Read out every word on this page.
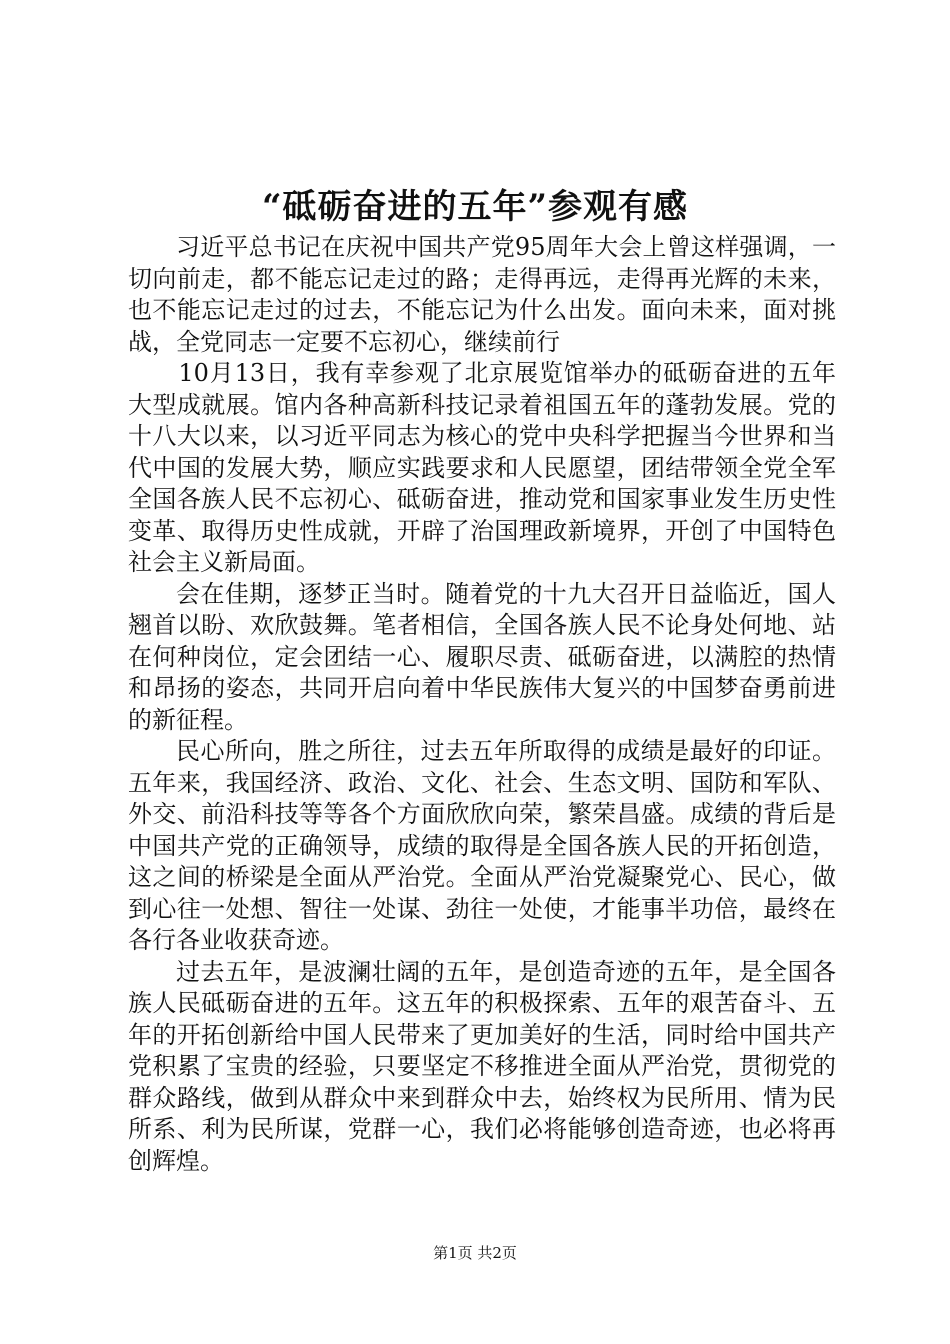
“砥砺奋进的五年”参观有感

习近平总书记在庆祝中国共产党95周年大会上曾这样强调，一切向前走，都不能忘记走过的路；走得再远，走得再光辉的未来，也不能忘记走过的过去，不能忘记为什么出发。面向未来，面对挑战，全党同志一定要不忘初心，继续前行

10月13日，我有幸参观了北京展览馆举办的砥砺奋进的五年大型成就展。馆内各种高新科技记录着祖国五年的蓬勃发展。党的十八大以来，以习近平同志为核心的党中央科学把握当今世界和当代中国的发展大势，顺应实践要求和人民愿望，团结带领全党全军全国各族人民不忘初心、砥砺奋进，推动党和国家事业发生历史性变革、取得历史性成就，开辟了治国理政新境界，开创了中国特色社会主义新局面。

会在佳期，逐梦正当时。随着党的十九大召开日益临近，国人翘首以盼、欢欣鼓舞。笔者相信，全国各族人民不论身处何地、站在何种岗位，定会团结一心、履职尽责、砥砺奋进，以满腔的热情和昂扬的姿态，共同开启向着中华民族伟大复兴的中国梦奋勇前进的新征程。

民心所向，胜之所往，过去五年所取得的成绩是最好的印证。五年来，我国经济、政治、文化、社会、生态文明、国防和军队、外交、前沿科技等等各个方面欣欣向荣，繁荣昌盛。成绩的背后是中国共产党的正确领导，成绩的取得是全国各族人民的开拓创造，这之间的桥梁是全面从严治党。全面从严治党凝聚党心、民心，做到心往一处想、智往一处谋、劲往一处使，才能事半功倍，最终在各行各业收获奇迹。

过去五年，是波澜壮阔的五年，是创造奇迹的五年，是全国各族人民砥砺奋进的五年。这五年的积极探索、五年的艰苦奋斗、五年的开拓创新给中国人民带来了更加美好的生活，同时给中国共产党积累了宝贵的经验，只要坚定不移推进全面从严治党，贯彻党的群众路线，做到从群众中来到群众中去，始终权为民所用、情为民所系、利为民所谋，党群一心，我们必将能够创造奇迹，也必将再创辉煌。

第1页 共2页
